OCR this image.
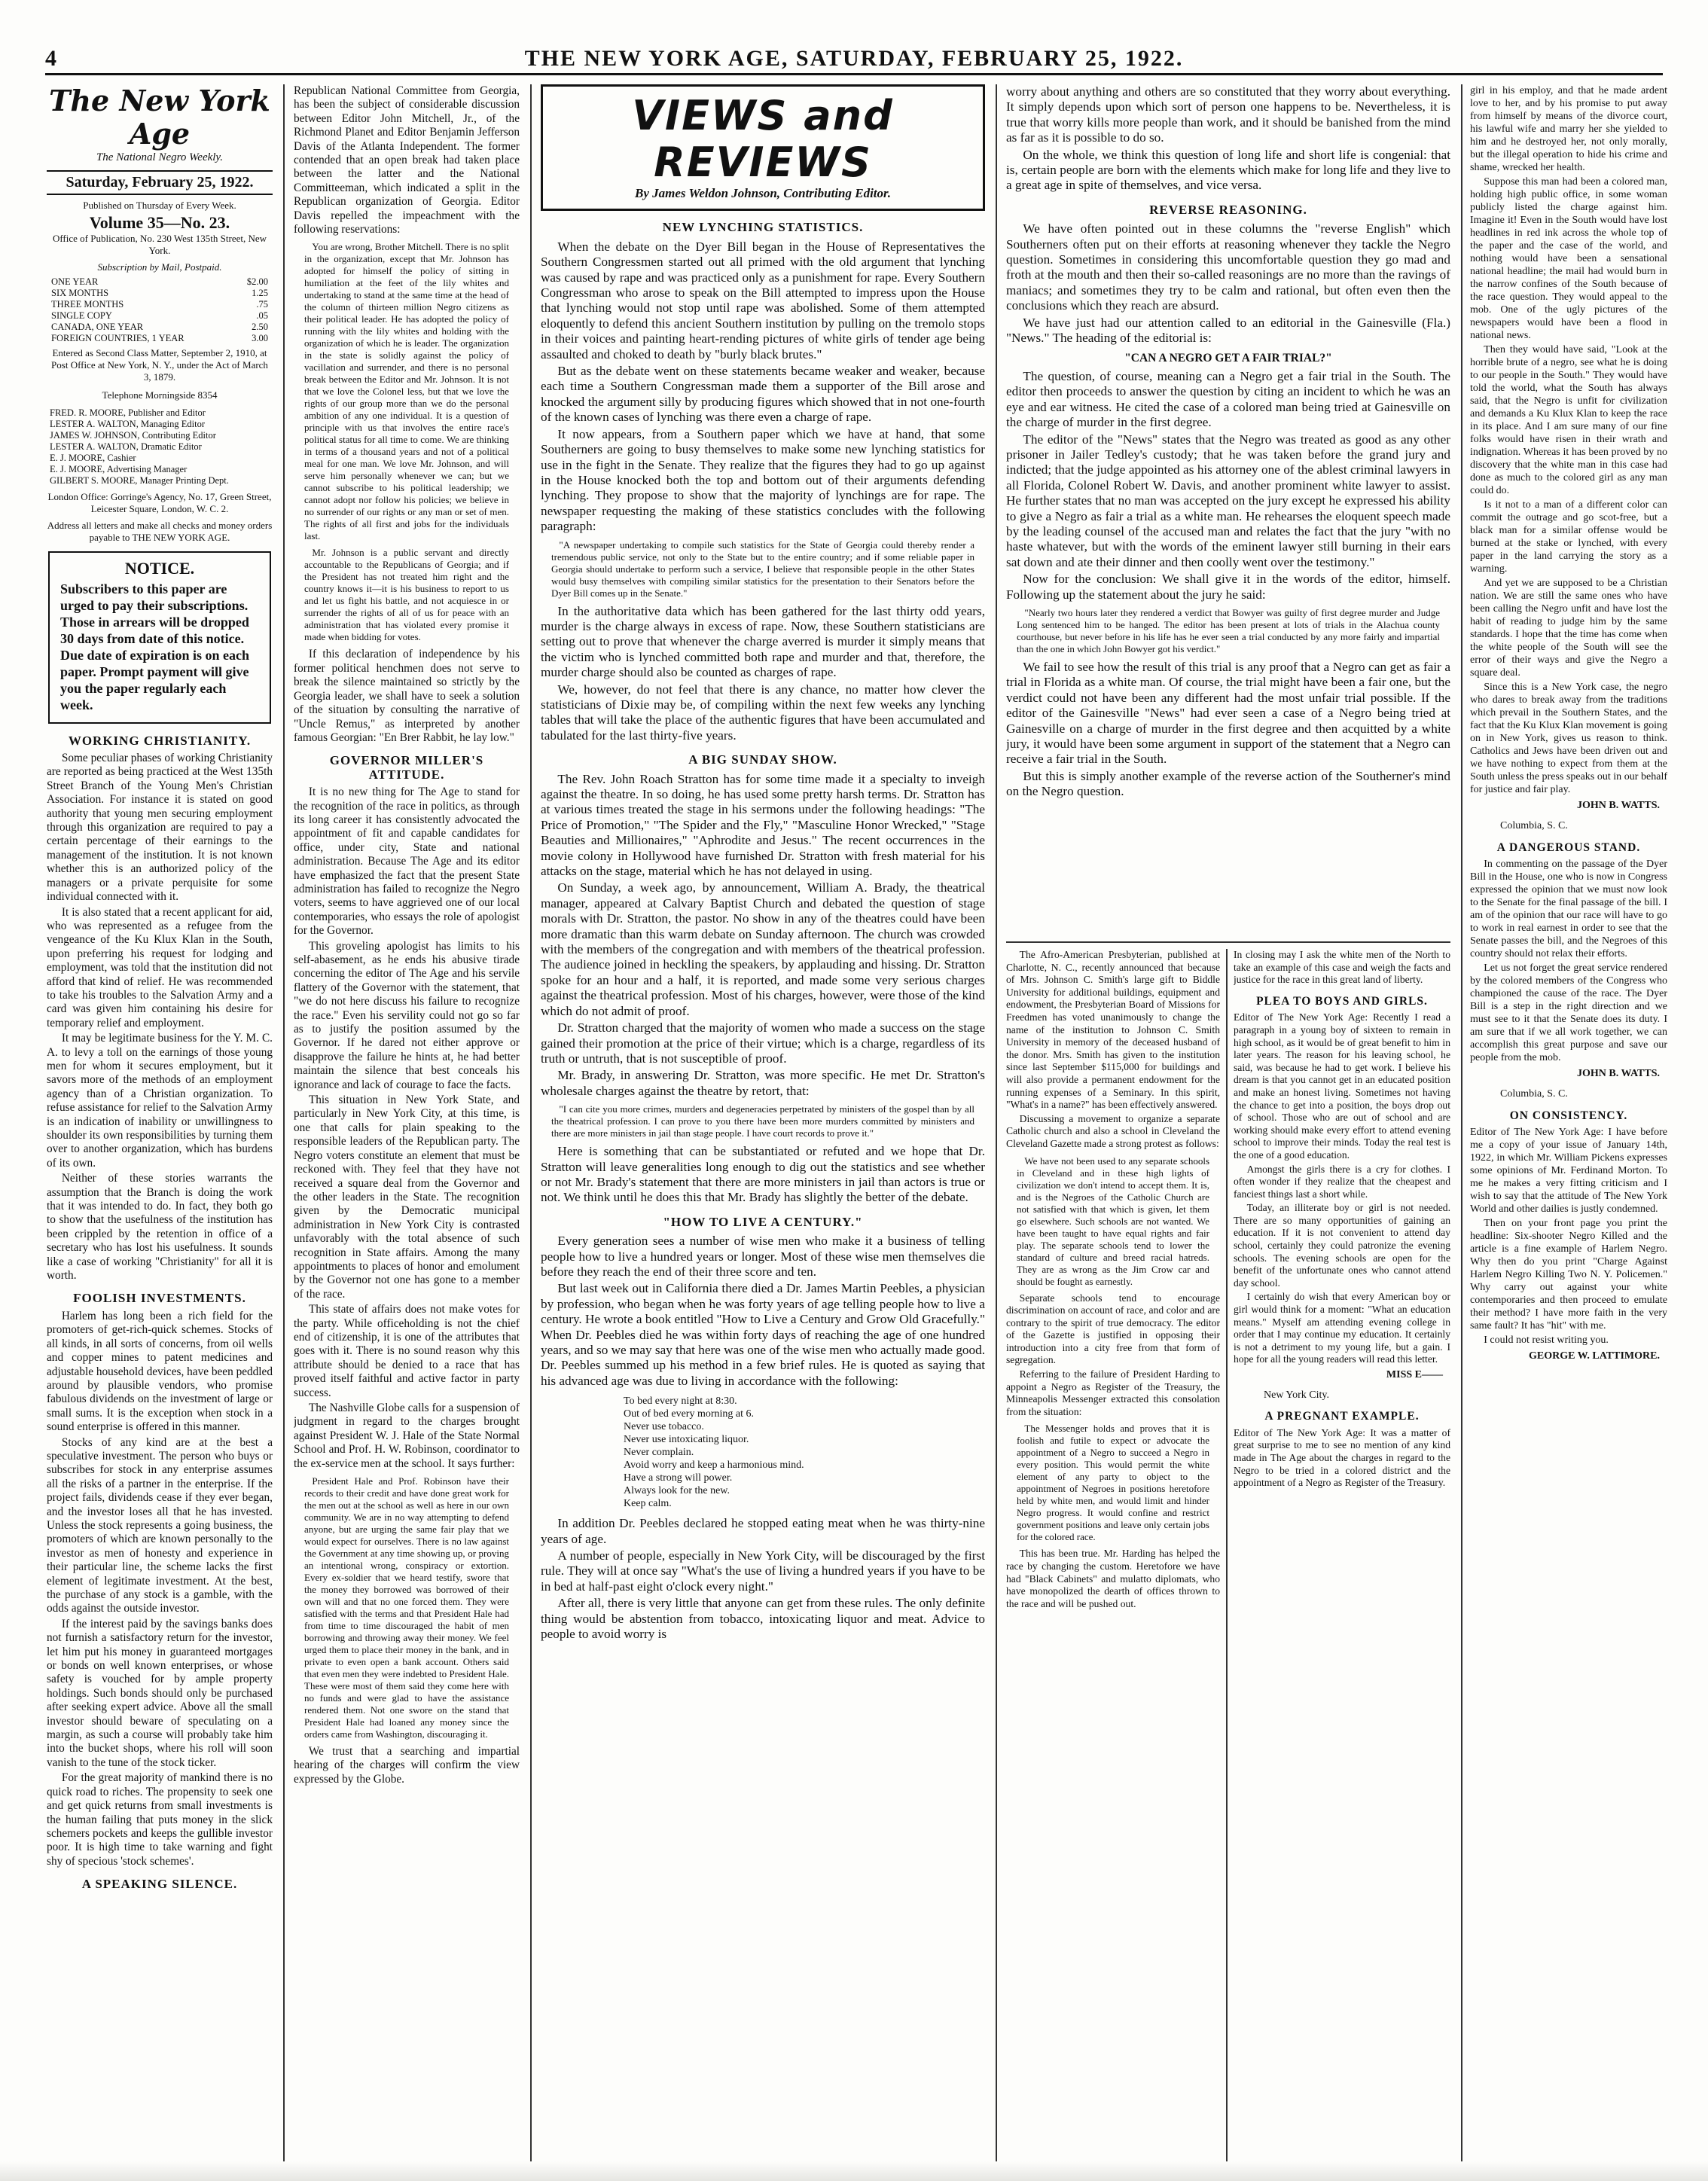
4	THE NEW YORK AGE, SATURDAY, FEBRUARY 25, 1922.
The New York Age
The National Negro Weekly.
Saturday, February 25, 1922.
Published on Thursday of Every Week.
Volume 35—No. 23.
Office of Publication, No. 230 West 135th Street, New York.
Subscription by Mail, Postpaid.
ONE YEAR	$2.00
SIX MONTHS	1.25
THREE MONTHS	.75
SINGLE COPY	.05
CANADA, ONE YEAR	2.50
FOREIGN COUNTRIES, 1 YEAR	3.00
Entered as Second Class Matter, September 2, 1910, at Post Office at New York, N. Y., under the Act of March 3, 1879.
Telephone Morningside 8354
FRED. R. MOORE, Publisher and Editor
LESTER A. WALTON, Managing Editor
JAMES W. JOHNSON, Contributing Editor
LESTER A. WALTON, Dramatic Editor
E. J. MOORE, Cashier
E. J. MOORE, Advertising Manager
GILBERT S. MOORE, Manager Printing Dept.
London Office: Gorringe's Agency, No. 17, Green Street, Leicester Square, London, W. C. 2.
Address all letters and make all checks and money orders payable to THE NEW YORK AGE.
NOTICE.
Subscribers to this paper are urged to pay their subscriptions. Those in arrears will be dropped 30 days from date of this notice. Due date of expiration is on each paper. Prompt payment will give you the paper regularly each week.
WORKING CHRISTIANITY.

Some peculiar phases of working Christianity are reported as being practiced at the West 135th Street Branch of the Young Men's Christian Association. For instance it is stated on good authority that young men securing employment through this organization are required to pay a certain percentage of their earnings to the management of the institution. It is not known whether this is an authorized policy of the managers or a private perquisite for some individual connected with it.

It is also stated that a recent applicant for aid, who was represented as a refugee from the vengeance of the Ku Klux Klan in the South, upon preferring his request for lodging and employment, was told that the institution did not afford that kind of relief. He was recommended to take his troubles to the Salvation Army and a card was given him containing his desire for temporary relief and employment.

It may be legitimate business for the Y. M. C. A. to levy a toll on the earnings of those young men for whom it secures employment, but it savors more of the methods of an employment agency than of a Christian organization. To refuse assistance for relief to the Salvation Army is an indication of inability or unwillingness to shoulder its own responsibilities by turning them over to another organization, which has burdens of its own.

Neither of these stories warrants the assumption that the Branch is doing the work that it was intended to do. In fact, they both go to show that the usefulness of the institution has been crippled by the retention in office of a secretary who has lost his usefulness. It sounds like a case of working "Christianity" for all it is worth.

FOOLISH INVESTMENTS.

Harlem has long been a rich field for the promoters of get-rich-quick schemes. Stocks of all kinds, in all sorts of concerns, from oil wells and copper mines to patent medicines and adjustable household devices, have been peddled around by plausible vendors, who promise fabulous dividends on the investment of large or small sums. It is the exception when stock in a sound enterprise is offered in this manner.

Stocks of any kind are at the best a speculative investment. The person who buys or subscribes for stock in any enterprise assumes all the risks of a partner in the enterprise. If the project fails, dividends cease if they ever began, and the investor loses all that he has invested. Unless the stock represents a going business, the promoters of which are known personally to the investor as men of honesty and experience in their particular line, the scheme lacks the first element of legitimate investment. At the best, the purchase of any stock is a gamble, with the odds against the outside investor.

If the interest paid by the savings banks does not furnish a satisfactory return for the investor, let him put his money in guaranteed mortgages or bonds on well known enterprises, or whose safety is vouched for by ample property holdings. Such bonds should only be purchased after seeking expert advice. Above all the small investor should beware of speculating on a margin, as such a course will probably take him into the bucket shops, where his roll will soon vanish to the tune of the stock ticker.

For the great majority of mankind there is no quick road to riches. The propensity to seek one and get quick returns from small investments is the human failing that puts money in the slick schemers pockets and keeps the gullible investor poor. It is high time to take warning and fight shy of specious 'stock schemes'.

A SPEAKING SILENCE.

Republican National Committee from Georgia, has been the subject of considerable discussion between Editor John Mitchell, Jr., of the Richmond Planet and Editor Benjamin Jefferson Davis of the Atlanta Independent. The former contended that an open break had taken place between the latter and the National Committeeman, which indicated a split in the Republican organization of Georgia. Editor Davis repelled the impeachment with the following reservations:

You are wrong, Brother Mitchell. There is no split in the organization, except that Mr. Johnson has adopted for himself the policy of sitting in humiliation at the feet of the lily whites and undertaking to stand at the same time at the head of the column of thirteen million Negro citizens as their political leader. He has adopted the policy of running with the lily whites and holding with the organization of which he is leader. The organization in the state is solidly against the policy of vacillation and surrender, and there is no personal break between the Editor and Mr. Johnson. It is not that we love the Colonel less, but that we love the rights of our group more than we do the personal ambition of any one individual. It is a question of principle with us that involves the entire race's political status for all time to come. We are thinking in terms of a thousand years and not of a political meal for one man. We love Mr. Johnson, and will serve him personally whenever we can; but we cannot subscribe to his political leadership; we cannot adopt nor follow his policies; we believe in no surrender of our rights or any man or set of men. The rights of all first and jobs for the individuals last.

Mr. Johnson is a public servant and directly accountable to the Republicans of Georgia; and if the President has not treated him right and the country knows it—it is his business to report to us and let us fight his battle, and not acquiesce in or surrender the rights of all of us for peace with an administration that has violated every promise it made when bidding for votes.

If this declaration of independence by his former political henchmen does not serve to break the silence maintained so strictly by the Georgia leader, we shall have to seek a solution of the situation by consulting the narrative of "Uncle Remus," as interpreted by another famous Georgian: "En Brer Rabbit, he lay low."

GOVERNOR MILLER'S ATTITUDE.

It is no new thing for The Age to stand for the recognition of the race in politics, as through its long career it has consistently advocated the appointment of fit and capable candidates for office, under city, State and national administration. Because The Age and its editor have emphasized the fact that the present State administration has failed to recognize the Negro voters, seems to have aggrieved one of our local contemporaries, who essays the role of apologist for the Governor.

This groveling apologist has limits to his self-abasement, as he ends his abusive tirade concerning the editor of The Age and his servile flattery of the Governor with the statement, that "we do not here discuss his failure to recognize the race." Even his servility could not go so far as to justify the position assumed by the Governor. If he dared not either approve or disapprove the failure he hints at, he had better maintain the silence that best conceals his ignorance and lack of courage to face the facts.

This situation in New York State, and particularly in New York City, at this time, is one that calls for plain speaking to the responsible leaders of the Republican party. The Negro voters constitute an element that must be reckoned with. They feel that they have not received a square deal from the Governor and the other leaders in the State. The recognition given by the Democratic municipal administration in New York City is contrasted unfavorably with the total absence of such recognition in State affairs. Among the many appointments to places of honor and emolument by the Governor not one has gone to a member of the race.

This state of affairs does not make votes for the party. While officeholding is not the chief end of citizenship, it is one of the attributes that goes with it. There is no sound reason why this attribute should be denied to a race that has proved itself faithful and active factor in party success.

The Nashville Globe calls for a suspension of judgment in regard to the charges brought against President W. J. Hale of the State Normal School and Prof. H. W. Robinson, coordinator to the ex-service men at the school. It says further:

President Hale and Prof. Robinson have their records to their credit and have done great work for the men out at the school as well as here in our own community. We are in no way attempting to defend anyone, but are urging the same fair play that we would expect for ourselves. There is no law against the Government at any time showing up, or proving an intentional wrong, conspiracy or extortion. Every ex-soldier that we heard testify, swore that the money they borrowed was borrowed of their own will and that no one forced them. They were satisfied with the terms and that President Hale had from time to time discouraged the habit of men borrowing and throwing away their money. We feel urged them to place their money in the bank, and in private to even open a bank account. Others said that even men they were indebted to President Hale. These were most of them said they come here with no funds and were glad to have the assistance rendered them. Not one swore on the stand that President Hale had loaned any money since the orders came from Washington, discouraging it.

We trust that a searching and impartial hearing of the charges will confirm the view expressed by the Globe.

VIEWS and REVIEWS
By James Weldon Johnson, Contributing Editor.
NEW LYNCHING STATISTICS.

When the debate on the Dyer Bill began in the House of Representatives the Southern Congressmen started out all primed with the old argument that lynching was caused by rape and was practiced only as a punishment for rape. Every Southern Congressman who arose to speak on the Bill attempted to impress upon the House that lynching would not stop until rape was abolished. Some of them attempted eloquently to defend this ancient Southern institution by pulling on the tremolo stops in their voices and painting heart-rending pictures of white girls of tender age being assaulted and choked to death by "burly black brutes."

But as the debate went on these statements became weaker and weaker, because each time a Southern Congressman made them a supporter of the Bill arose and knocked the argument silly by producing figures which showed that in not one-fourth of the known cases of lynching was there even a charge of rape.

It now appears, from a Southern paper which we have at hand, that some Southerners are going to busy themselves to make some new lynching statistics for use in the fight in the Senate. They realize that the figures they had to go up against in the House knocked both the top and bottom out of their arguments defending lynching. They propose to show that the majority of lynchings are for rape. The newspaper requesting the making of these statistics concludes with the following paragraph:

"A newspaper undertaking to compile such statistics for the State of Georgia could thereby render a tremendous public service, not only to the State but to the entire country; and if some reliable paper in Georgia should undertake to perform such a service, I believe that responsible people in the other States would busy themselves with compiling similar statistics for the presentation to their Senators before the Dyer Bill comes up in the Senate."

In the authoritative data which has been gathered for the last thirty odd years, murder is the charge always in excess of rape. Now, these Southern statisticians are setting out to prove that whenever the charge averred is murder it simply means that the victim who is lynched committed both rape and murder and that, therefore, the murder charge should also be counted as charges of rape.

We, however, do not feel that there is any chance, no matter how clever the statisticians of Dixie may be, of compiling within the next few weeks any lynching tables that will take the place of the authentic figures that have been accumulated and tabulated for the last thirty-five years.

A BIG SUNDAY SHOW.

The Rev. John Roach Stratton has for some time made it a specialty to inveigh against the theatre. In so doing, he has used some pretty harsh terms. Dr. Stratton has at various times treated the stage in his sermons under the following headings: "The Price of Promotion," "The Spider and the Fly," "Masculine Honor Wrecked," "Stage Beauties and Millionaires," "Aphrodite and Jesus." The recent occurrences in the movie colony in Hollywood have furnished Dr. Stratton with fresh material for his attacks on the stage, material which he has not delayed in using.

On Sunday, a week ago, by announcement, William A. Brady, the theatrical manager, appeared at Calvary Baptist Church and debated the question of stage morals with Dr. Stratton, the pastor. No show in any of the theatres could have been more dramatic than this warm debate on Sunday afternoon. The church was crowded with the members of the congregation and with members of the theatrical profession. The audience joined in heckling the speakers, by applauding and hissing. Dr. Stratton spoke for an hour and a half, it is reported, and made some very serious charges against the theatrical profession. Most of his charges, however, were those of the kind which do not admit of proof.

Dr. Stratton charged that the majority of women who made a success on the stage gained their promotion at the price of their virtue; which is a charge, regardless of its truth or untruth, that is not susceptible of proof.

Mr. Brady, in answering Dr. Stratton, was more specific. He met Dr. Stratton's wholesale charges against the theatre by retort, that:

"I can cite you more crimes, murders and degeneracies perpetrated by ministers of the gospel than by all the theatrical profession. I can prove to you there have been more murders committed by ministers and there are more ministers in jail than stage people. I have court records to prove it."

Here is something that can be substantiated or refuted and we hope that Dr. Stratton will leave generalities long enough to dig out the statistics and see whether or not Mr. Brady's statement that there are more ministers in jail than actors is true or not. We think until he does this that Mr. Brady has slightly the better of the debate.

"HOW TO LIVE A CENTURY."

Every generation sees a number of wise men who make it a business of telling people how to live a hundred years or longer. Most of these wise men themselves die before they reach the end of their three score and ten.

But last week out in California there died a Dr. James Martin Peebles, a physician by profession, who began when he was forty years of age telling people how to live a century. He wrote a book entitled "How to Live a Century and Grow Old Gracefully." When Dr. Peebles died he was within forty days of reaching the age of one hundred years, and so we may say that here was one of the wise men who actually made good. Dr. Peebles summed up his method in a few brief rules. He is quoted as saying that his advanced age was due to living in accordance with the following:

To bed every night at 8:30.
Out of bed every morning at 6.
Never use tobacco.
Never use intoxicating liquor.
Never complain.
Avoid worry and keep a harmonious mind.
Have a strong will power.
Always look for the new.
Keep calm.

In addition Dr. Peebles declared he stopped eating meat when he was thirty-nine years of age.

A number of people, especially in New York City, will be discouraged by the first rule. They will at once say "What's the use of living a hundred years if you have to be in bed at half-past eight o'clock every night."

After all, there is very little that anyone can get from these rules. The only definite thing would be abstention from tobacco, intoxicating liquor and meat. Advice to people to avoid worry is

worry about anything and others are so constituted that they worry about everything. It simply depends upon which sort of person one happens to be. Nevertheless, it is true that worry kills more people than work, and it should be banished from the mind as far as it is possible to do so.

On the whole, we think this question of long life and short life is congenial: that is, certain people are born with the elements which make for long life and they live to a great age in spite of themselves, and vice versa.

REVERSE REASONING.

We have often pointed out in these columns the "reverse English" which Southerners often put on their efforts at reasoning whenever they tackle the Negro question. Sometimes in considering this uncomfortable question they go mad and froth at the mouth and then their so-called reasonings are no more than the ravings of maniacs; and sometimes they try to be calm and rational, but often even then the conclusions which they reach are absurd.

We have just had our attention called to an editorial in the Gainesville (Fla.) "News." The heading of the editorial is:

"CAN A NEGRO GET A FAIR TRIAL?"

The question, of course, meaning can a Negro get a fair trial in the South. The editor then proceeds to answer the question by citing an incident to which he was an eye and ear witness. He cited the case of a colored man being tried at Gainesville on the charge of murder in the first degree.

The editor of the "News" states that the Negro was treated as good as any other prisoner in Jailer Tedley's custody; that he was taken before the grand jury and indicted; that the judge appointed as his attorney one of the ablest criminal lawyers in all Florida, Colonel Robert W. Davis, and another prominent white lawyer to assist. He further states that no man was accepted on the jury except he expressed his ability to give a Negro as fair a trial as a white man. He rehearses the eloquent speech made by the leading counsel of the accused man and relates the fact that the jury "with no haste whatever, but with the words of the eminent lawyer still burning in their ears sat down and ate their dinner and then coolly went over the testimony."

Now for the conclusion: We shall give it in the words of the editor, himself. Following up the statement about the jury he said:

"Nearly two hours later they rendered a verdict that Bowyer was guilty of first degree murder and Judge Long sentenced him to be hanged. The editor has been present at lots of trials in the Alachua county courthouse, but never before in his life has he ever seen a trial conducted by any more fairly and impartial than the one in which John Bowyer got his verdict."

We fail to see how the result of this trial is any proof that a Negro can get as fair a trial in Florida as a white man. Of course, the trial might have been a fair one, but the verdict could not have been any different had the most unfair trial possible. If the editor of the Gainesville "News" had ever seen a case of a Negro being tried at Gainesville on a charge of murder in the first degree and then acquitted by a white jury, it would have been some argument in support of the statement that a Negro can receive a fair trial in the South.

But this is simply another example of the reverse action of the Southerner's mind on the Negro question.

The Afro-American Presbyterian, published at Charlotte, N. C., recently announced that because of Mrs. Johnson C. Smith's large gift to Biddle University for additional buildings, equipment and endowment, the Presbyterian Board of Missions for Freedmen has voted unanimously to change the name of the institution to Johnson C. Smith University in memory of the deceased husband of the donor. Mrs. Smith has given to the institution since last September $115,000 for buildings and will also provide a permanent endowment for the running expenses of a Seminary. In this spirit, "What's in a name?" has been effectively answered.

Discussing a movement to organize a separate Catholic church and also a school in Cleveland the Cleveland Gazette made a strong protest as follows:

We have not been used to any separate schools in Cleveland and in these high lights of civilization we don't intend to accept them. It is, and is the Negroes of the Catholic Church are not satisfied with that which is given, let them go elsewhere. Such schools are not wanted. We have been taught to have equal rights and fair play. The separate schools tend to lower the standard of culture and breed racial hatreds. They are as wrong as the Jim Crow car and should be fought as earnestly.

Separate schools tend to encourage discrimination on account of race, and color and are contrary to the spirit of true democracy. The editor of the Gazette is justified in opposing their introduction into a city free from that form of segregation.

Referring to the failure of President Harding to appoint a Negro as Register of the Treasury, the Minneapolis Messenger extracted this consolation from the situation:

The Messenger holds and proves that it is foolish and futile to expect or advocate the appointment of a Negro to succeed a Negro in every position. This would permit the white element of any party to object to the appointment of Negroes in positions heretofore held by white men, and would limit and hinder Negro progress. It would confine and restrict government positions and leave only certain jobs for the colored race.

This has been true. Mr. Harding has helped the race by changing the custom. Heretofore we have had "Black Cabinets" and mulatto diplomats, who have monopolized the dearth of offices thrown to the race and will be pushed out.

In closing may I ask the white men of the North to take an example of this case and weigh the facts and justice for the race in this great land of liberty.

PLEA TO BOYS AND GIRLS.

Editor of The New York Age: Recently I read a paragraph in a young boy of sixteen to remain in high school, as it would be of great benefit to him in later years. The reason for his leaving school, he said, was because he had to get work. I believe his dream is that you cannot get in an educated position and make an honest living. Sometimes not having the chance to get into a position, the boys drop out of school. Those who are out of school and are working should make every effort to attend evening school to improve their minds. Today the real test is the one of a good education.

Amongst the girls there is a cry for clothes. I often wonder if they realize that the cheapest and fanciest things last a short while.

Today, an illiterate boy or girl is not needed. There are so many opportunities of gaining an education. If it is not convenient to attend day school, certainly they could patronize the evening schools. The evening schools are open for the benefit of the unfortunate ones who cannot attend day school.

I certainly do wish that every American boy or girl would think for a moment: "What an education means." Myself am attending evening college in order that I may continue my education. It certainly is not a detriment to my young life, but a gain. I hope for all the young readers will read this letter.

MISS E——
New York City.
A PREGNANT EXAMPLE.

Editor of The New York Age: It was a matter of great surprise to me to see no mention of any kind made in The Age about the charges in regard to the Negro to be tried in a colored district and the appointment of a Negro as Register of the Treasury.

girl in his employ, and that he made ardent love to her, and by his promise to put away from himself by means of the divorce court, his lawful wife and marry her she yielded to him and he destroyed her, not only morally, but the illegal operation to hide his crime and shame, wrecked her health.

Suppose this man had been a colored man, holding high public office, in some woman publicly listed the charge against him. Imagine it! Even in the South would have lost headlines in red ink across the whole top of the paper and the case of the world, and nothing would have been a sensational national headline; the mail had would burn in the narrow confines of the South because of the race question. They would appeal to the mob. One of the ugly pictures of the newspapers would have been a flood in national news.

Then they would have said, "Look at the horrible brute of a negro, see what he is doing to our people in the South." They would have told the world, what the South has always said, that the Negro is unfit for civilization and demands a Ku Klux Klan to keep the race in its place. And I am sure many of our fine folks would have risen in their wrath and indignation. Whereas it has been proved by no discovery that the white man in this case had done as much to the colored girl as any man could do.

Is it not to a man of a different color can commit the outrage and go scot-free, but a black man for a similar offense would be burned at the stake or lynched, with every paper in the land carrying the story as a warning.

And yet we are supposed to be a Christian nation. We are still the same ones who have been calling the Negro unfit and have lost the habit of reading to judge him by the same standards. I hope that the time has come when the white people of the South will see the error of their ways and give the Negro a square deal.

Since this is a New York case, the negro who dares to break away from the traditions which prevail in the Southern States, and the fact that the Ku Klux Klan movement is going on in New York, gives us reason to think. Catholics and Jews have been driven out and we have nothing to expect from them at the South unless the press speaks out in our behalf for justice and fair play.

JOHN B. WATTS.
Columbia, S. C.
A DANGEROUS STAND.

In commenting on the passage of the Dyer Bill in the House, one who is now in Congress expressed the opinion that we must now look to the Senate for the final passage of the bill. I am of the opinion that our race will have to go to work in real earnest in order to see that the Senate passes the bill, and the Negroes of this country should not relax their efforts.

Let us not forget the great service rendered by the colored members of the Congress who championed the cause of the race. The Dyer Bill is a step in the right direction and we must see to it that the Senate does its duty. I am sure that if we all work together, we can accomplish this great purpose and save our people from the mob.

JOHN B. WATTS.
Columbia, S. C.
ON CONSISTENCY.

Editor of The New York Age: I have before me a copy of your issue of January 14th, 1922, in which Mr. William Pickens expresses some opinions of Mr. Ferdinand Morton. To me he makes a very fitting criticism and I wish to say that the attitude of The New York World and other dailies is justly condemned.

Then on your front page you print the headline: Six-shooter Negro Killed and the article is a fine example of Harlem Negro. Why then do you print "Charge Against Harlem Negro Killing Two N. Y. Policemen." Why carry out against your white contemporaries and then proceed to emulate their method? I have more faith in the very same fault? It has "hit" with me.

I could not resist writing you.

GEORGE W. LATTIMORE.
